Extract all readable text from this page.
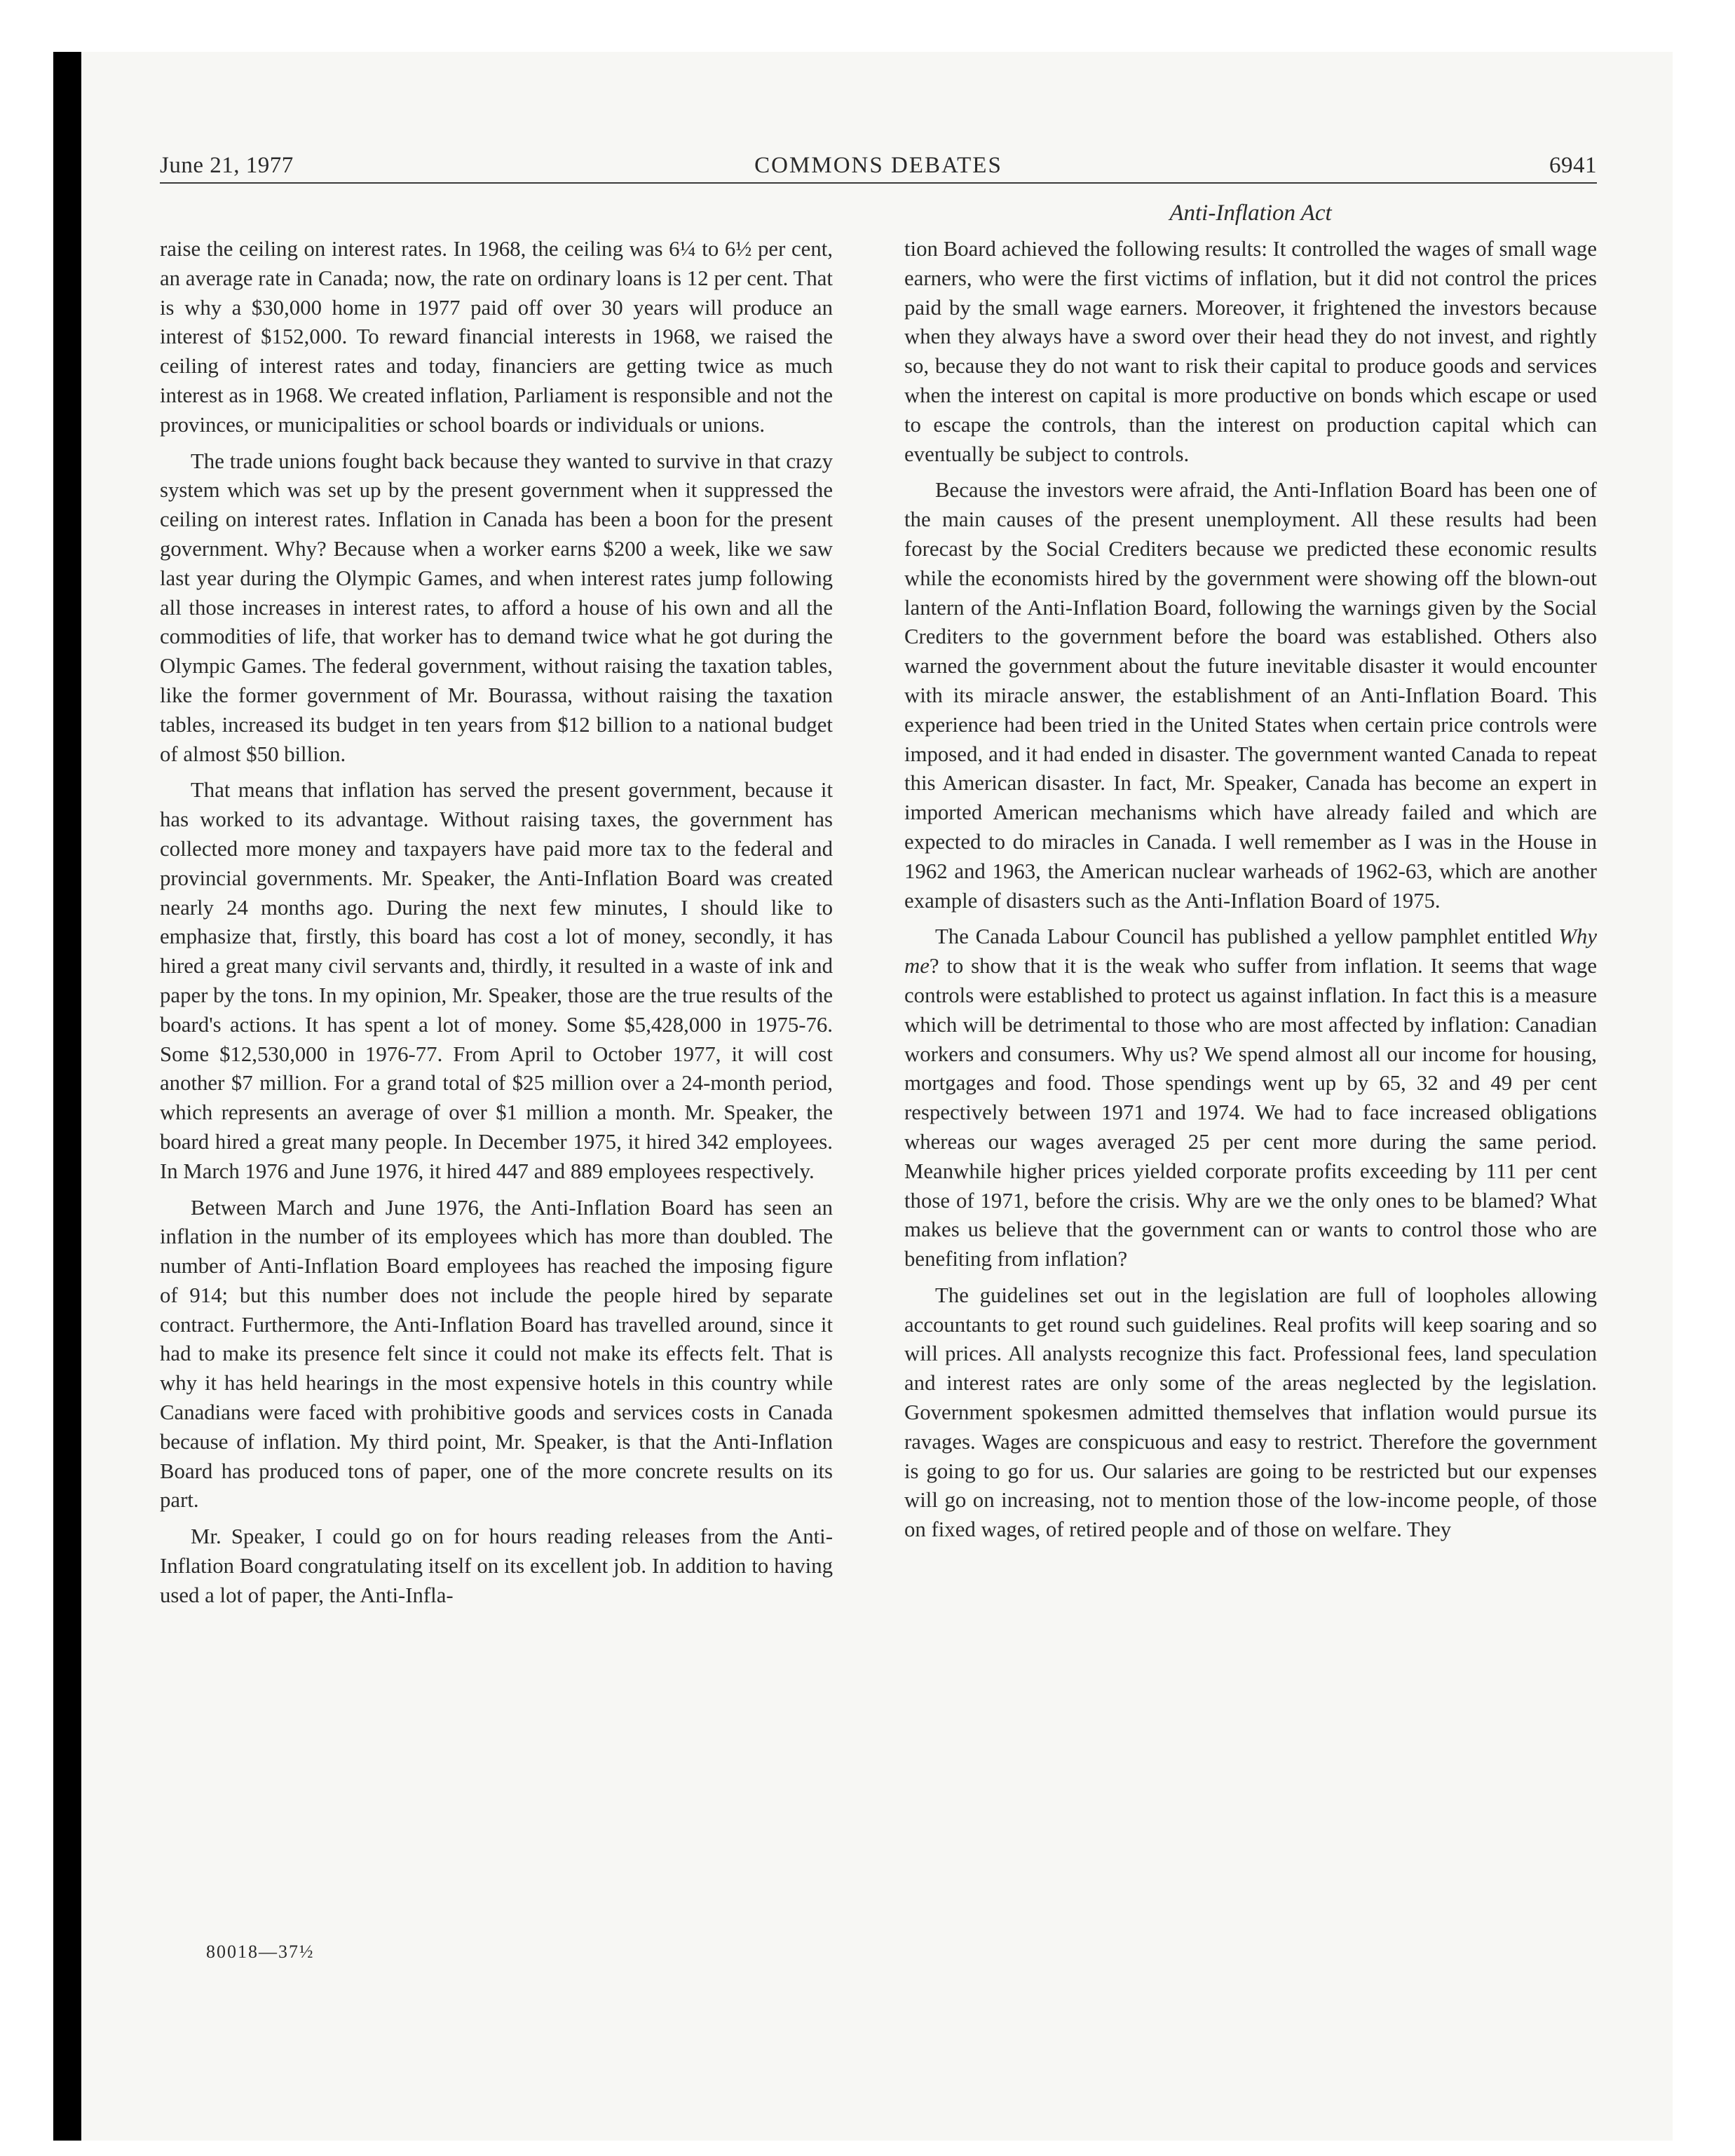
June 21, 1977	COMMONS DEBATES	6941
Anti-Inflation Act

raise the ceiling on interest rates. In 1968, the ceiling was 6¼ to 6½ per cent, an average rate in Canada; now, the rate on ordinary loans is 12 per cent. That is why a $30,000 home in 1977 paid off over 30 years will produce an interest of $152,000. To reward financial interests in 1968, we raised the ceiling of interest rates and today, financiers are getting twice as much interest as in 1968. We created inflation, Parliament is responsible and not the provinces, or municipalities or school boards or individuals or unions.

The trade unions fought back because they wanted to survive in that crazy system which was set up by the present government when it suppressed the ceiling on interest rates. Inflation in Canada has been a boon for the present government. Why? Because when a worker earns $200 a week, like we saw last year during the Olympic Games, and when interest rates jump following all those increases in interest rates, to afford a house of his own and all the commodities of life, that worker has to demand twice what he got during the Olympic Games. The federal government, without raising the taxation tables, like the former government of Mr. Bourassa, without raising the taxation tables, increased its budget in ten years from $12 billion to a national budget of almost $50 billion.

That means that inflation has served the present government, because it has worked to its advantage. Without raising taxes, the government has collected more money and taxpayers have paid more tax to the federal and provincial governments. Mr. Speaker, the Anti-Inflation Board was created nearly 24 months ago. During the next few minutes, I should like to emphasize that, firstly, this board has cost a lot of money, secondly, it has hired a great many civil servants and, thirdly, it resulted in a waste of ink and paper by the tons. In my opinion, Mr. Speaker, those are the true results of the board's actions. It has spent a lot of money. Some $5,428,000 in 1975-76. Some $12,530,000 in 1976-77. From April to October 1977, it will cost another $7 million. For a grand total of $25 million over a 24-month period, which represents an average of over $1 million a month. Mr. Speaker, the board hired a great many people. In December 1975, it hired 342 employees. In March 1976 and June 1976, it hired 447 and 889 employees respectively.

Between March and June 1976, the Anti-Inflation Board has seen an inflation in the number of its employees which has more than doubled. The number of Anti-Inflation Board employees has reached the imposing figure of 914; but this number does not include the people hired by separate contract. Furthermore, the Anti-Inflation Board has travelled around, since it had to make its presence felt since it could not make its effects felt. That is why it has held hearings in the most expensive hotels in this country while Canadians were faced with prohibitive goods and services costs in Canada because of inflation. My third point, Mr. Speaker, is that the Anti-Inflation Board has produced tons of paper, one of the more concrete results on its part.

Mr. Speaker, I could go on for hours reading releases from the Anti-Inflation Board congratulating itself on its excellent job. In addition to having used a lot of paper, the Anti-Infla-

tion Board achieved the following results: It controlled the wages of small wage earners, who were the first victims of inflation, but it did not control the prices paid by the small wage earners. Moreover, it frightened the investors because when they always have a sword over their head they do not invest, and rightly so, because they do not want to risk their capital to produce goods and services when the interest on capital is more productive on bonds which escape or used to escape the controls, than the interest on production capital which can eventually be subject to controls.

Because the investors were afraid, the Anti-Inflation Board has been one of the main causes of the present unemployment. All these results had been forecast by the Social Crediters because we predicted these economic results while the economists hired by the government were showing off the blown-out lantern of the Anti-Inflation Board, following the warnings given by the Social Crediters to the government before the board was established. Others also warned the government about the future inevitable disaster it would encounter with its miracle answer, the establishment of an Anti-Inflation Board. This experience had been tried in the United States when certain price controls were imposed, and it had ended in disaster. The government wanted Canada to repeat this American disaster. In fact, Mr. Speaker, Canada has become an expert in imported American mechanisms which have already failed and which are expected to do miracles in Canada. I well remember as I was in the House in 1962 and 1963, the American nuclear warheads of 1962-63, which are another example of disasters such as the Anti-Inflation Board of 1975.

The Canada Labour Council has published a yellow pamphlet entitled Why me? to show that it is the weak who suffer from inflation. It seems that wage controls were established to protect us against inflation. In fact this is a measure which will be detrimental to those who are most affected by inflation: Canadian workers and consumers. Why us? We spend almost all our income for housing, mortgages and food. Those spendings went up by 65, 32 and 49 per cent respectively between 1971 and 1974. We had to face increased obligations whereas our wages averaged 25 per cent more during the same period. Meanwhile higher prices yielded corporate profits exceeding by 111 per cent those of 1971, before the crisis. Why are we the only ones to be blamed? What makes us believe that the government can or wants to control those who are benefiting from inflation?

The guidelines set out in the legislation are full of loopholes allowing accountants to get round such guidelines. Real profits will keep soaring and so will prices. All analysts recognize this fact. Professional fees, land speculation and interest rates are only some of the areas neglected by the legislation. Government spokesmen admitted themselves that inflation would pursue its ravages. Wages are conspicuous and easy to restrict. Therefore the government is going to go for us. Our salaries are going to be restricted but our expenses will go on increasing, not to mention those of the low-income people, of those on fixed wages, of retired people and of those on welfare. They

80018—37½
